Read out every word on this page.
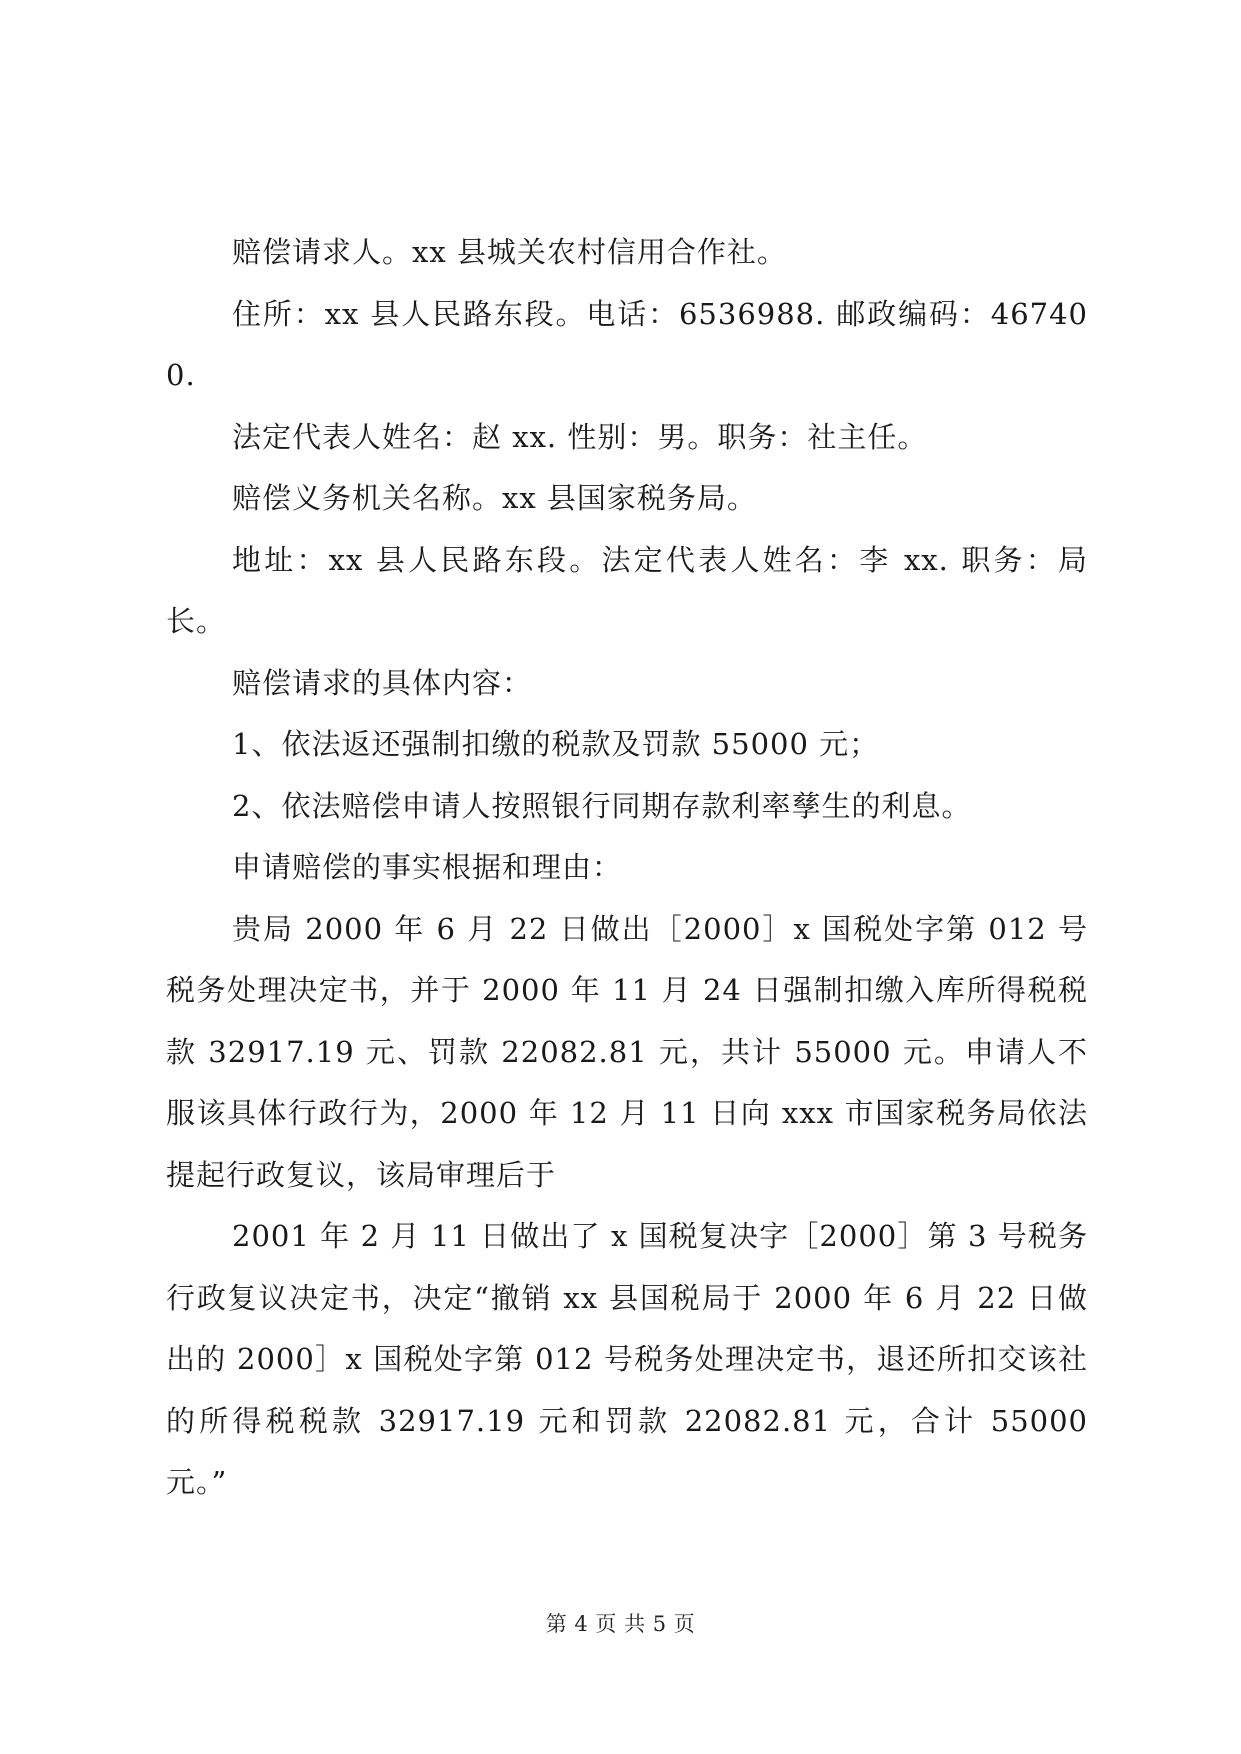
赔偿请求人。xx 县城关农村信用合作社。

住所：xx 县人民路东段。电话：6536988. 邮政编码：467400.

法定代表人姓名：赵 xx. 性别：男。职务：社主任。

赔偿义务机关名称。xx 县国家税务局。

地址：xx 县人民路东段。法定代表人姓名：李 xx. 职务：局长。

赔偿请求的具体内容：

1、依法返还强制扣缴的税款及罚款 55000 元；

2、依法赔偿申请人按照银行同期存款利率孳生的利息。

申请赔偿的事实根据和理由：

贵局 2000 年 6 月 22 日做出［2000］x 国税处字第 012 号税务处理决定书，并于 2000 年 11 月 24 日强制扣缴入库所得税税款 32917.19 元、罚款 22082.81 元，共计 55000 元。申请人不服该具体行政行为，2000 年 12 月 11 日向 xxx 市国家税务局依法提起行政复议，该局审理后于

2001 年 2 月 11 日做出了 x 国税复决字［2000］第 3 号税务行政复议决定书，决定“撤销 xx 县国税局于 2000 年 6 月 22 日做出的 2000］x 国税处字第 012 号税务处理决定书，退还所扣交该社的所得税税款 32917.19 元和罚款 22082.81 元，合计 55000 元。”

第 4 页 共 5 页
